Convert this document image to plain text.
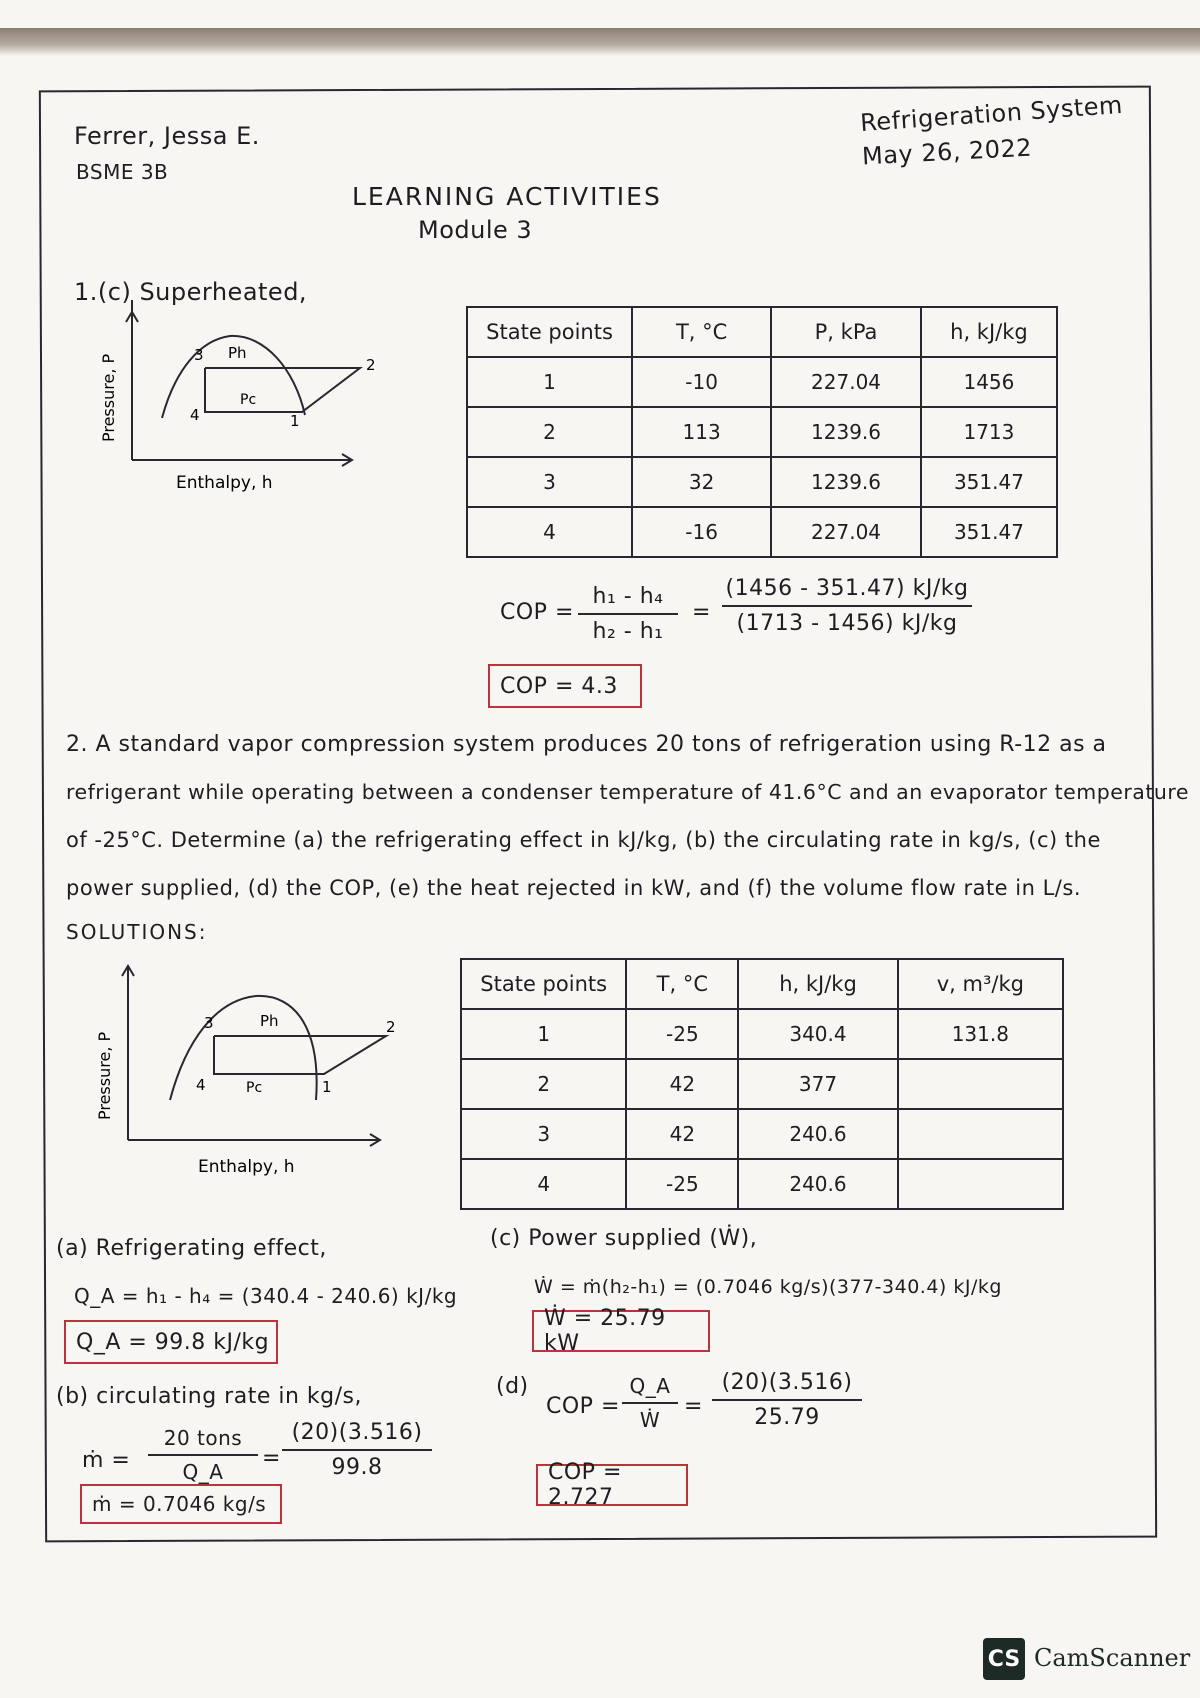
Ferrer, Jessa E.
BSME 3B
Refrigeration System
May 26, 2022
LEARNING ACTIVITIES
Module 3
1.(c) Superheated,
Ph
Pc
1
2
3
4
Enthalpy, h
Pressure, P
State points	T, °C	P, kPa	h, kJ/kg
1	-10	227.04	1456
2	113	1239.6	1713
3	32	1239.6	351.47
4	-16	227.04	351.47
COP =
h₁ - h₄
h₂ - h₁
=
(1456 - 351.47) kJ/kg
(1713 - 1456) kJ/kg
COP = 4.3
2. A standard vapor compression system produces 20 tons of refrigeration using R-12 as a
refrigerant while operating between a condenser temperature of 41.6°C and an evaporator temperature
of -25°C. Determine (a) the refrigerating effect in kJ/kg, (b) the circulating rate in kg/s, (c) the
power supplied, (d) the COP, (e) the heat rejected in kW, and (f) the volume flow rate in L/s.
SOLUTIONS:
Ph
Pc	1
2
3
4
Enthalpy, h
Pressure, P
State points	T, °C	h, kJ/kg	v, m³/kg
1	-25	340.4	131.8
2	42	377	
3	42	240.6	
4	-25	240.6	
(a) Refrigerating effect,
Q_A = h₁ - h₄ = (340.4 - 240.6) kJ/kg
Q_A = 99.8 kJ/kg
(b) circulating rate in kg/s,
ṁ =
20 tons
Q_A
=
(20)(3.516)
99.8
ṁ = 0.7046 kg/s
(c) Power supplied (Ẇ),
Ẇ = ṁ(h₂-h₁) = (0.7046 kg/s)(377-340.4) kJ/kg
Ẇ = 25.79 kW
(d)
COP =
Q_A
Ẇ
=
(20)(3.516)
25.79
COP = 2.727
CS CamScanner
